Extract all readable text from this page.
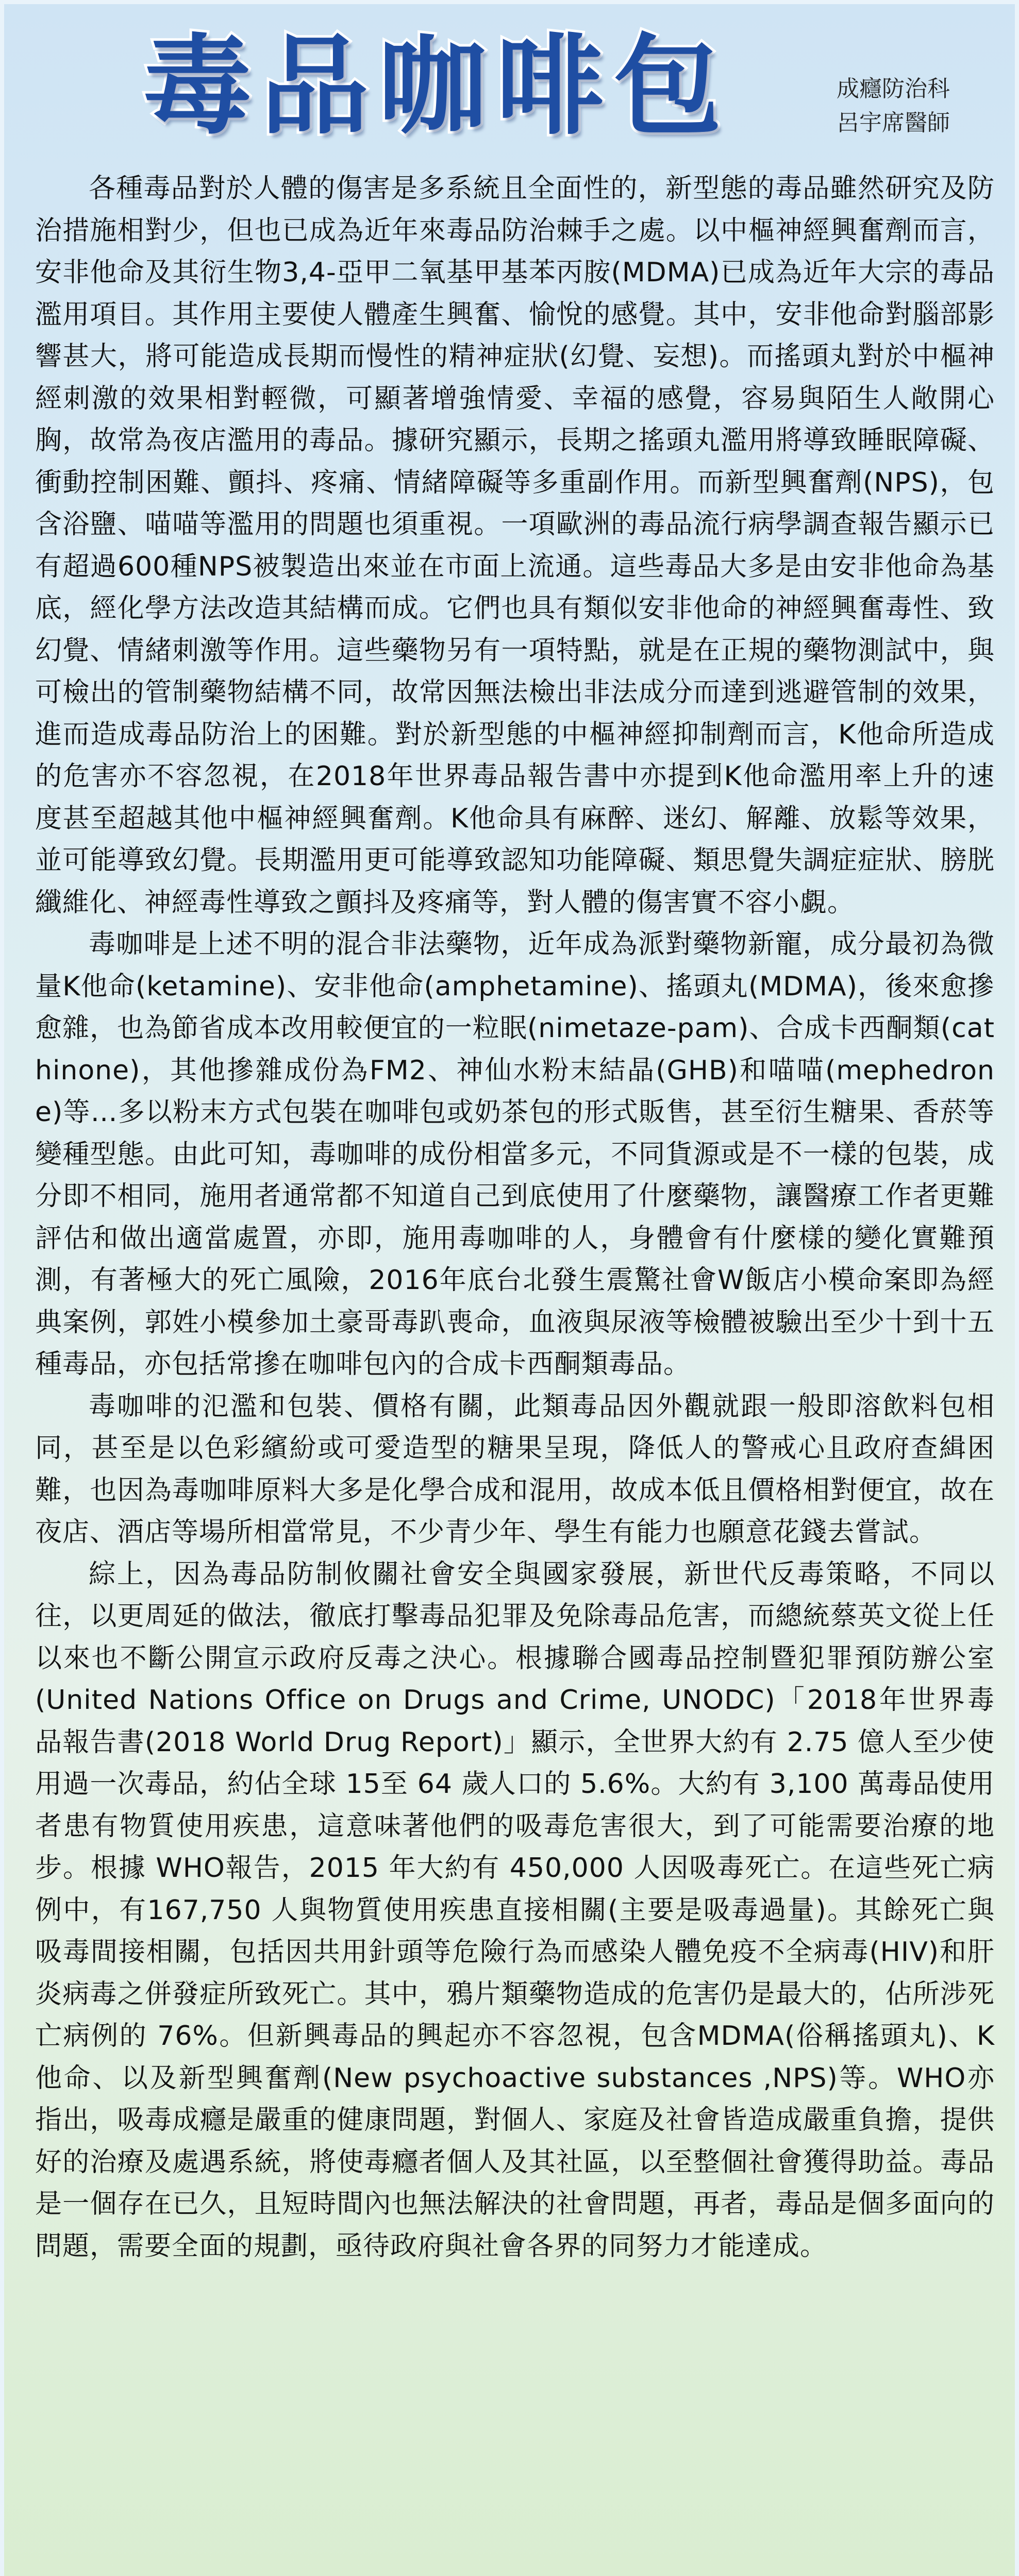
毒品咖啡包	成癮防治科
呂宇席醫師

各種毒品對於人體的傷害是多系統且全面性的，新型態的毒品雖然研究及防治措施相對少，但也已成為近年來毒品防治棘手之處。以中樞神經興奮劑而言，安非他命及其衍生物3,4-亞甲二氧基甲基苯丙胺(MDMA)已成為近年大宗的毒品濫用項目。其作用主要使人體產生興奮、愉悅的感覺。其中，安非他命對腦部影響甚大，將可能造成長期而慢性的精神症狀(幻覺、妄想)。而搖頭丸對於中樞神經刺激的效果相對輕微，可顯著增強情愛、幸福的感覺，容易與陌生人敞開心胸，故常為夜店濫用的毒品。據研究顯示，長期之搖頭丸濫用將導致睡眠障礙、衝動控制困難、顫抖、疼痛、情緒障礙等多重副作用。而新型興奮劑(NPS)，包含浴鹽、喵喵等濫用的問題也須重視。一項歐洲的毒品流行病學調查報告顯示已有超過600種NPS被製造出來並在市面上流通。這些毒品大多是由安非他命為基底，經化學方法改造其結構而成。它們也具有類似安非他命的神經興奮毒性、致幻覺、情緒刺激等作用。這些藥物另有一項特點，就是在正規的藥物測試中，與可檢出的管制藥物結構不同，故常因無法檢出非法成分而達到逃避管制的效果，進而造成毒品防治上的困難。對於新型態的中樞神經抑制劑而言，K他命所造成的危害亦不容忽視，在2018年世界毒品報告書中亦提到K他命濫用率上升的速度甚至超越其他中樞神經興奮劑。K他命具有麻醉、迷幻、解離、放鬆等效果，並可能導致幻覺。長期濫用更可能導致認知功能障礙、類思覺失調症症狀、膀胱纖維化、神經毒性導致之顫抖及疼痛等，對人體的傷害實不容小覷。

毒咖啡是上述不明的混合非法藥物，近年成為派對藥物新寵，成分最初為微量K他命(ketamine)、安非他命(amphetamine)、搖頭丸(MDMA)，後來愈摻愈雜，也為節省成本改用較便宜的一粒眠(nimetaze-pam)、合成卡西酮類(cathinone)，其他摻雜成份為FM2、神仙水粉末結晶(GHB)和喵喵(mephedrone)等…多以粉末方式包裝在咖啡包或奶茶包的形式販售，甚至衍生糖果、香菸等變種型態。由此可知，毒咖啡的成份相當多元，不同貨源或是不一樣的包裝，成分即不相同，施用者通常都不知道自己到底使用了什麼藥物，讓醫療工作者更難評估和做出適當處置，亦即，施用毒咖啡的人，身體會有什麼樣的變化實難預測，有著極大的死亡風險，2016年底台北發生震驚社會W飯店小模命案即為經典案例，郭姓小模參加土豪哥毒趴喪命，血液與尿液等檢體被驗出至少十到十五種毒品，亦包括常摻在咖啡包內的合成卡西酮類毒品。

毒咖啡的氾濫和包裝、價格有關，此類毒品因外觀就跟一般即溶飲料包相同，甚至是以色彩繽紛或可愛造型的糖果呈現，降低人的警戒心且政府查緝困難，也因為毒咖啡原料大多是化學合成和混用，故成本低且價格相對便宜，故在夜店、酒店等場所相當常見，不少青少年、學生有能力也願意花錢去嘗試。

綜上，因為毒品防制攸關社會安全與國家發展，新世代反毒策略，不同以往，以更周延的做法，徹底打擊毒品犯罪及免除毒品危害，而總統蔡英文從上任以來也不斷公開宣示政府反毒之決心。根據聯合國毒品控制暨犯罪預防辦公室(United Nations Office on Drugs and Crime, UNODC)「2018年世界毒品報告書(2018 World Drug Report)」顯示，全世界大約有 2.75 億人至少使用過一次毒品，約佔全球 15至 64 歲人口的 5.6%。大約有 3,100 萬毒品使用者患有物質使用疾患，這意味著他們的吸毒危害很大，到了可能需要治療的地步。根據 WHO報告，2015 年大約有 450,000 人因吸毒死亡。在這些死亡病例中，有167,750 人與物質使用疾患直接相關(主要是吸毒過量)。其餘死亡與吸毒間接相關，包括因共用針頭等危險行為而感染人體免疫不全病毒(HIV)和肝炎病毒之併發症所致死亡。其中，鴉片類藥物造成的危害仍是最大的，佔所涉死亡病例的 76%。但新興毒品的興起亦不容忽視，包含MDMA(俗稱搖頭丸)、K他命、以及新型興奮劑(New psychoactive substances ,NPS)等。WHO亦指出，吸毒成癮是嚴重的健康問題，對個人、家庭及社會皆造成嚴重負擔，提供好的治療及處遇系統，將使毒癮者個人及其社區，以至整個社會獲得助益。毒品是一個存在已久，且短時間內也無法解決的社會問題，再者，毒品是個多面向的問題，需要全面的規劃，亟待政府與社會各界的同努力才能達成。
